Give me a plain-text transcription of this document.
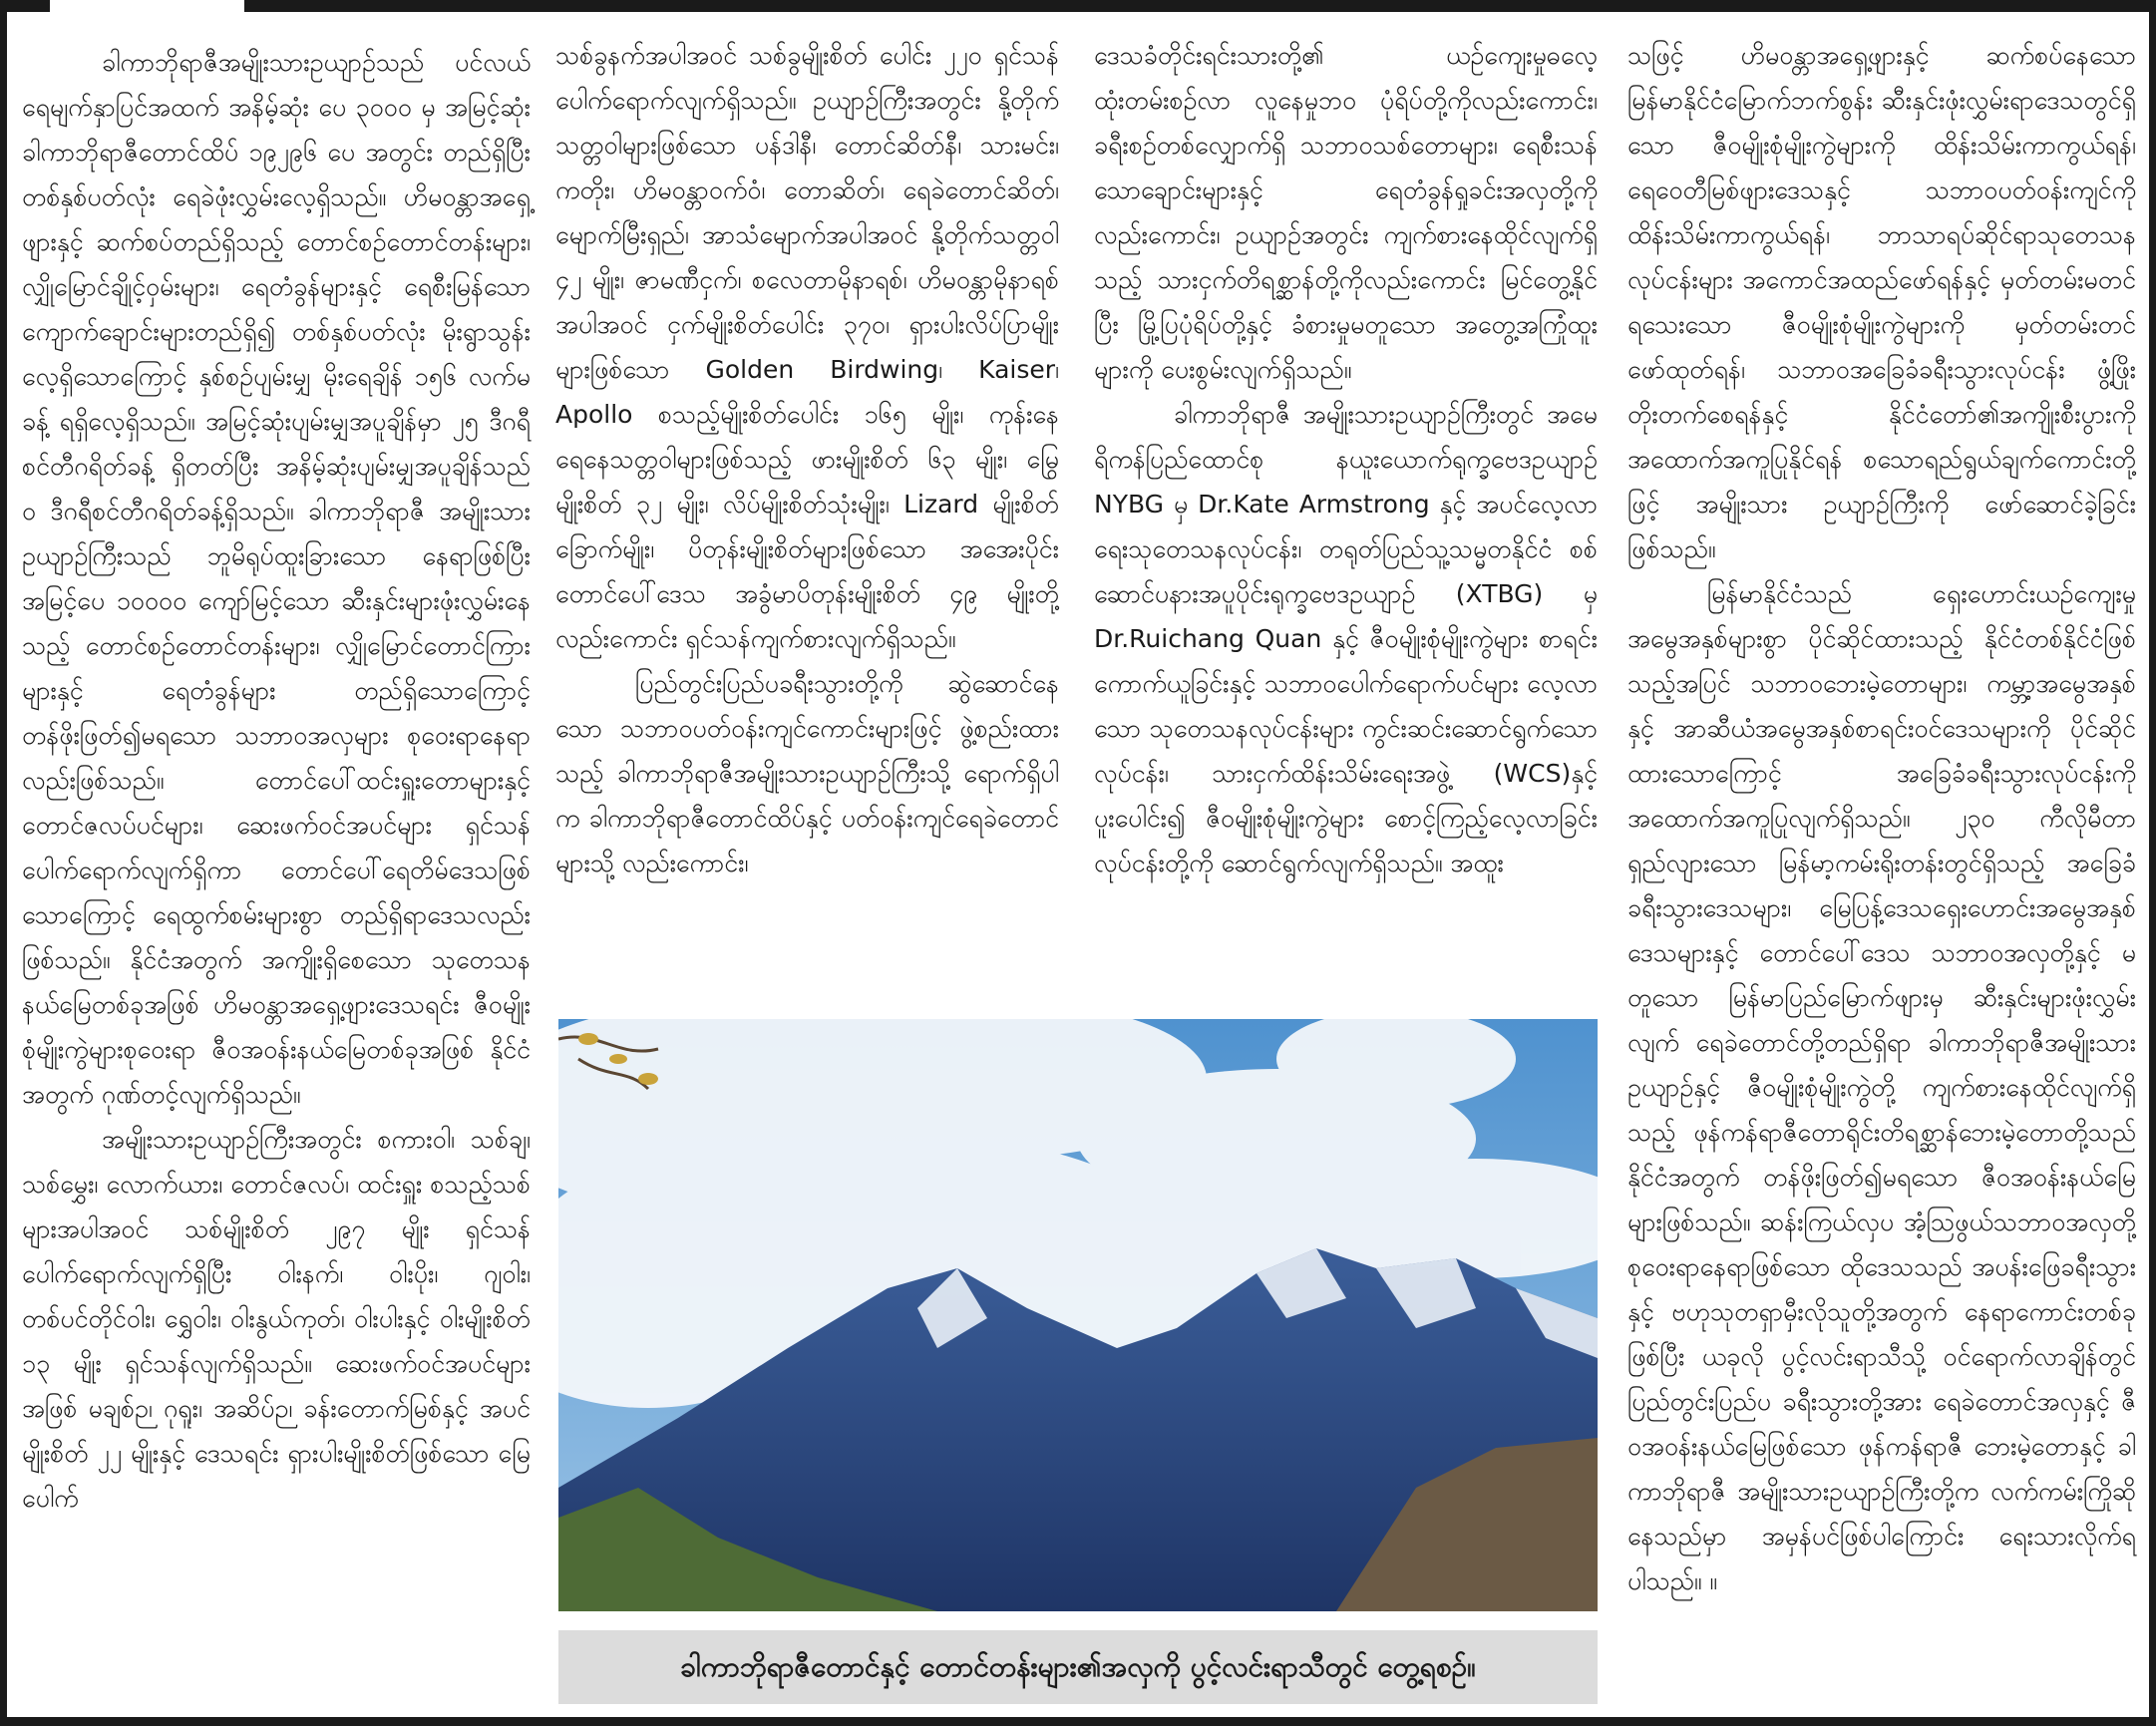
ခါကာဘိုရာဇီအမျိုးသားဥယျာဉ်သည် ပင်လယ်ရေမျက်နှာပြင်အထက် အနိမ့်ဆုံး ပေ ၃၀၀၀ မှ အမြင့်ဆုံး ခါကာဘိုရာဇီတောင်ထိပ် ၁၉၂၉၆ ပေ အတွင်း တည်ရှိပြီး တစ်နှစ်ပတ်လုံး ရေခဲဖုံးလွှမ်းလေ့ရှိသည်။ ဟိမဝန္တာအရှေ့ဖျားနှင့် ဆက်စပ်တည်ရှိသည့် တောင်စဉ်တောင်တန်းများ၊ လျှိုမြောင်ချိုင့်ဝှမ်းများ၊ ရေတံခွန်များနှင့် ရေစီးမြန်သော ကျောက်ချောင်းများတည်ရှိ၍ တစ်နှစ်ပတ်လုံး မိုးရွာသွန်းလေ့ရှိသောကြောင့် နှစ်စဉ်ပျမ်းမျှ မိုးရေချိန် ၁၅၆ လက်မခန့် ရရှိလေ့ရှိသည်။ အမြင့်ဆုံးပျမ်းမျှအပူချိန်မှာ ၂၅ ဒီဂရီစင်တီဂရိတ်ခန့် ရှိတတ်ပြီး အနိမ့်ဆုံးပျမ်းမျှအပူချိန်သည် ၀ ဒီဂရီစင်တီဂရိတ်ခန့်ရှိသည်။ ခါကာဘိုရာဇီ အမျိုးသားဥယျာဉ်ကြီးသည် ဘူမိရုပ်ထူးခြားသော နေရာဖြစ်ပြီး အမြင့်ပေ ၁၀၀၀၀ ကျော်မြင့်သော ဆီးနှင်းများဖုံးလွှမ်းနေသည့် တောင်စဉ်တောင်တန်းများ၊ လျှိုမြောင်တောင်ကြားများနှင့် ရေတံခွန်များ တည်ရှိသောကြောင့် တန်ဖိုးဖြတ်၍မရသော သဘာဝအလှများ စုဝေးရာနေရာလည်းဖြစ်သည်။ တောင်ပေါ်ထင်းရှူးတောများနှင့် တောင်ဇလပ်ပင်များ၊ ဆေးဖက်ဝင်အပင်များ ရှင်သန်ပေါက်ရောက်လျက်ရှိကာ တောင်ပေါ်ရေတိမ်ဒေသဖြစ်သောကြောင့် ရေထွက်စမ်းများစွာ တည်ရှိရာဒေသလည်း ဖြစ်သည်။ နိုင်ငံအတွက် အကျိုးရှိစေသော သုတေသနနယ်မြေတစ်ခုအဖြစ် ဟိမဝန္တာအရှေ့ဖျားဒေသရင်း ဇီဝမျိုးစုံမျိုးကွဲများစုဝေးရာ ဇီဝအဝန်းနယ်မြေတစ်ခုအဖြစ် နိုင်ငံအတွက် ဂုဏ်တင့်လျက်ရှိသည်။

အမျိုးသားဥယျာဉ်ကြီးအတွင်း စကားဝါ၊ သစ်ချ၊ သစ်မွှေး၊ လောက်ယား၊ တောင်ဇလပ်၊ ထင်းရှူး စသည့်သစ်များအပါအဝင် သစ်မျိုးစိတ် ၂၉၇ မျိုး ရှင်သန်ပေါက်ရောက်လျက်ရှိပြီး ဝါးနက်၊ ဝါးပိုး၊ ဂျဝါး၊ တစ်ပင်တိုင်ဝါး၊ ရွှေဝါး၊ ဝါးနွယ်ကုတ်၊ ဝါးပါးနှင့် ဝါးမျိုးစိတ် ၁၃ မျိုး ရှင်သန်လျက်ရှိသည်။ ဆေးဖက်ဝင်အပင်များအဖြစ် မချစ်ဉ၊ ဂုရူး၊ အဆိပ်ဉ၊ ခန်းတောက်မြစ်နှင့် အပင်မျိုးစိတ် ၂၂ မျိုးနှင့် ဒေသရင်း ရှားပါးမျိုးစိတ်ဖြစ်သော မြေပေါက်

သစ်ခွနက်အပါအဝင် သစ်ခွမျိုးစိတ် ပေါင်း ၂၂၀ ရှင်သန်ပေါက်ရောက်လျက်ရှိသည်။ ဥယျာဉ်ကြီးအတွင်း နို့တိုက်သတ္တဝါများဖြစ်သော ပန်ဒါနီ၊ တောင်ဆိတ်နီ၊ သားမင်း၊ ကတိုး၊ ဟိမဝန္တာဝက်ဝံ၊ တောဆိတ်၊ ရေခဲတောင်ဆိတ်၊ မျောက်မြီးရှည်၊ အာသံမျောက်အပါအဝင် နို့တိုက်သတ္တဝါ ၄၂ မျိုး၊ ဇာမဏီငှက်၊ စလေတာမိုနာရစ်၊ ဟိမဝန္တာမိုနာရစ်အပါအဝင် ငှက်မျိုးစိတ်ပေါင်း ၃၇၀၊ ရှားပါးလိပ်ပြာမျိုးများဖြစ်သော Golden Birdwing၊ Kaiser၊ Apollo စသည့်မျိုးစိတ်ပေါင်း ၁၆၅ မျိုး၊ ကုန်းနေရေနေသတ္တဝါများဖြစ်သည့် ဖားမျိုးစိတ် ၆၃ မျိုး၊ မြွေမျိုးစိတ် ၃၂ မျိုး၊ လိပ်မျိုးစိတ်သုံးမျိုး၊ Lizard မျိုးစိတ်ခြောက်မျိုး၊ ပိတုန်းမျိုးစိတ်များဖြစ်သော အအေးပိုင်းတောင်ပေါ်ဒေသ အခွံမာပိတုန်းမျိုးစိတ် ၄၉ မျိုးတို့လည်းကောင်း ရှင်သန်ကျက်စားလျက်ရှိသည်။

ပြည်တွင်းပြည်ပခရီးသွားတို့ကို ဆွဲဆောင်နေသော သဘာဝပတ်ဝန်းကျင်ကောင်းများဖြင့် ဖွဲ့စည်းထားသည့် ခါကာဘိုရာဇီအမျိုးသားဥယျာဉ်ကြီးသို့ ရောက်ရှိပါက ခါကာဘိုရာဇီတောင်ထိပ်နှင့် ပတ်ဝန်းကျင်ရေခဲတောင်များသို့ လည်းကောင်း၊

ဒေသခံတိုင်းရင်းသားတို့၏ ယဉ်ကျေးမှုဓလေ့ထုံးတမ်းစဉ်လာ လူနေမှုဘဝ ပုံရိပ်တို့ကိုလည်းကောင်း၊ ခရီးစဉ်တစ်လျှောက်ရှိ သဘာဝသစ်တောများ၊ ရေစီးသန်သောချောင်းများနှင့် ရေတံခွန်ရှုခင်းအလှတို့ကိုလည်းကောင်း၊ ဥယျာဉ်အတွင်း ကျက်စားနေထိုင်လျက်ရှိသည့် သားငှက်တိရစ္ဆာန်တို့ကိုလည်းကောင်း မြင်တွေ့နိုင်ပြီး မြို့ပြပုံရိပ်တို့နှင့် ခံစားမှုမတူသော အတွေ့အကြုံထူးများကို ပေးစွမ်းလျက်ရှိသည်။

ခါကာဘိုရာဇီ အမျိုးသားဥယျာဉ်ကြီးတွင် အမေရိကန်ပြည်ထောင်စု နယူးယောက်ရုက္ခဗေဒဥယျာဉ် NYBG မှ Dr.Kate Armstrong နှင့် အပင်လေ့လာရေးသုတေသနလုပ်ငန်း၊ တရုတ်ပြည်သူ့သမ္မတနိုင်ငံ စစ်ဆောင်ပနားအပူပိုင်းရုက္ခဗေဒဥယျာဉ် (XTBG) မှ Dr.Ruichang Quan နှင့် ဇီဝမျိုးစုံမျိုးကွဲများ စာရင်းကောက်ယူခြင်းနှင့် သဘာဝပေါက်ရောက်ပင်များ လေ့လာသော သုတေသနလုပ်ငန်းများ ကွင်းဆင်းဆောင်ရွက်သောလုပ်ငန်း၊ သားငှက်ထိန်းသိမ်းရေးအဖွဲ့ (WCS)နှင့် ပူးပေါင်း၍ ဇီဝမျိုးစုံမျိုးကွဲများ စောင့်ကြည့်လေ့လာခြင်းလုပ်ငန်းတို့ကို ဆောင်ရွက်လျက်ရှိသည်။ အထူး

သဖြင့် ဟိမဝန္တာအရှေ့ဖျားနှင့် ဆက်စပ်နေသော မြန်မာနိုင်ငံမြောက်ဘက်စွန်း ဆီးနှင်းဖုံးလွှမ်းရာဒေသတွင်ရှိသော ဇီဝမျိုးစုံမျိုးကွဲများကို ထိန်းသိမ်းကာကွယ်ရန်၊ ရေဝေတီမြစ်ဖျားဒေသနှင့် သဘာဝပတ်ဝန်းကျင်ကို ထိန်းသိမ်းကာကွယ်ရန်၊ ဘာသာရပ်ဆိုင်ရာသုတေသနလုပ်ငန်းများ အကောင်အထည်ဖော်ရန်နှင့် မှတ်တမ်းမတင်ရသေးသော ဇီဝမျိုးစုံမျိုးကွဲများကို မှတ်တမ်းတင်ဖော်ထုတ်ရန်၊ သဘာဝအခြေခံခရီးသွားလုပ်ငန်း ဖွံ့ဖြိုးတိုးတက်စေရန်နှင့် နိုင်ငံတော်၏အကျိုးစီးပွားကို အထောက်အကူပြုနိုင်ရန် စသောရည်ရွယ်ချက်ကောင်းတို့ဖြင့် အမျိုးသား ဥယျာဉ်ကြီးကို ဖော်ဆောင်ခဲ့ခြင်းဖြစ်သည်။

မြန်မာနိုင်ငံသည် ရှေးဟောင်းယဉ်ကျေးမှုအမွေအနှစ်များစွာ ပိုင်ဆိုင်ထားသည့် နိုင်ငံတစ်နိုင်ငံဖြစ်သည့်အပြင် သဘာဝဘေးမဲ့တောများ၊ ကမ္ဘာ့အမွေအနှစ်နှင့် အာဆီယံအမွေအနှစ်စာရင်းဝင်ဒေသများကို ပိုင်ဆိုင်ထားသောကြောင့် အခြေခံခရီးသွားလုပ်ငန်းကို အထောက်အကူပြုလျက်ရှိသည်။ ၂၃၀ ကီလိုမီတာ ရှည်လျားသော မြန်မာ့ကမ်းရိုးတန်းတွင်ရှိသည့် အခြေခံခရီးသွားဒေသများ၊ မြေပြန့်ဒေသရှေးဟောင်းအမွေအနှစ်ဒေသများနှင့် တောင်ပေါ်ဒေသ သဘာဝအလှတို့နှင့် မတူသော မြန်မာပြည်မြောက်ဖျားမှ ဆီးနှင်းများဖုံးလွှမ်းလျက် ရေခဲတောင်တို့တည်ရှိရာ ခါကာဘိုရာဇီအမျိုးသားဥယျာဉ်နှင့် ဇီဝမျိုးစုံမျိုးကွဲတို့ ကျက်စားနေထိုင်လျက်ရှိသည့် ဖုန်ကန်ရာဇီတောရိုင်းတိရစ္ဆာန်ဘေးမဲ့တောတို့သည် နိုင်ငံအတွက် တန်ဖိုးဖြတ်၍မရသော ဇီဝအဝန်းနယ်မြေများဖြစ်သည်။ ဆန်းကြယ်လှပ အံ့သြဖွယ်သဘာဝအလှတို့ စုဝေးရာနေရာဖြစ်သော ထိုဒေသသည် အပန်းဖြေခရီးသွားနှင့် ဗဟုသုတရှာမှီးလိုသူတို့အတွက် နေရာကောင်းတစ်ခုဖြစ်ပြီး ယခုလို ပွင့်လင်းရာသီသို့ ဝင်ရောက်လာချိန်တွင် ပြည်တွင်းပြည်ပ ခရီးသွားတို့အား ရေခဲတောင်အလှနှင့် ဇီဝအဝန်းနယ်မြေဖြစ်သော ဖုန်ကန်ရာဇီ ဘေးမဲ့တောနှင့် ခါကာဘိုရာဇီ အမျိုးသားဥယျာဉ်ကြီးတို့က လက်ကမ်းကြိုဆိုနေသည်မှာ အမှန်ပင်ဖြစ်ပါကြောင်း ရေးသားလိုက်ရပါသည်။ ။

ခါကာဘိုရာဇီတောင်နှင့် တောင်တန်းများ၏အလှကို ပွင့်လင်းရာသီတွင် တွေ့ရစဉ်။
